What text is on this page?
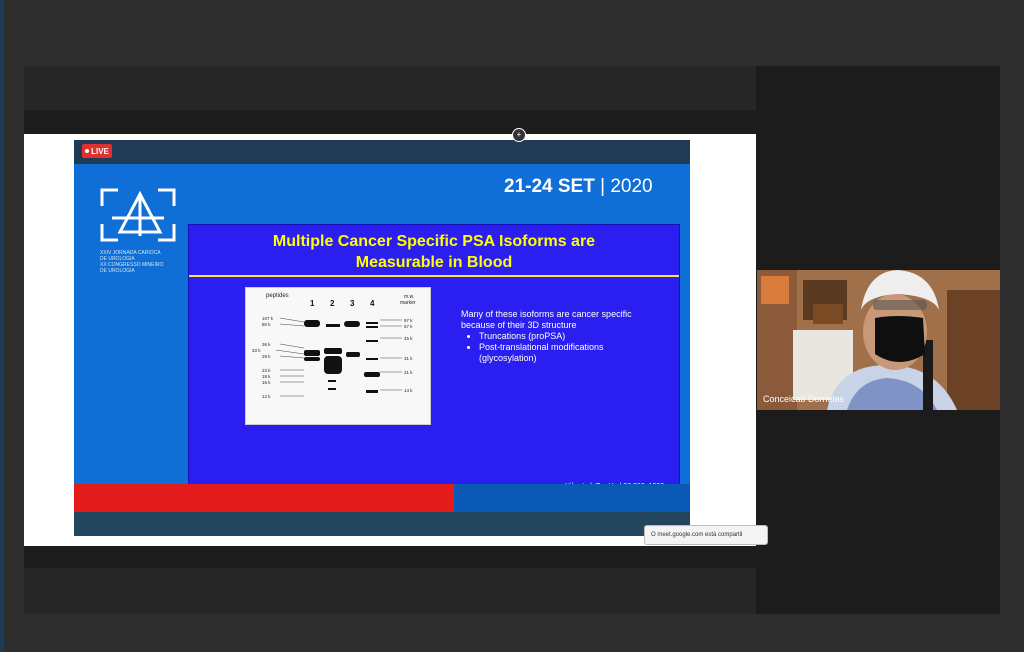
LIVE
XXIV JORNADA CARIOCA
DE UROLOGIA
XX CONGRESSO MINEIRO
DE UROLOGIA
21-24 SET | 2020
Multiple Cancer Specific PSA Isoforms are
Measurable in Blood
peptides
1 2 3 4
m.w.
marker
107 k
80 k
36 k
33 k
29 k
23 k
18 k
15 k
12 k
97 k
67 k
45 k
31 k
21 k
14 k
Many of these isoforms are cancer specific because of their 3D structure
• Truncations (proPSA)
• Post-translational modifications (glycosylation)
+
O meet.google.com está compartil
Conceicao Dornelas
